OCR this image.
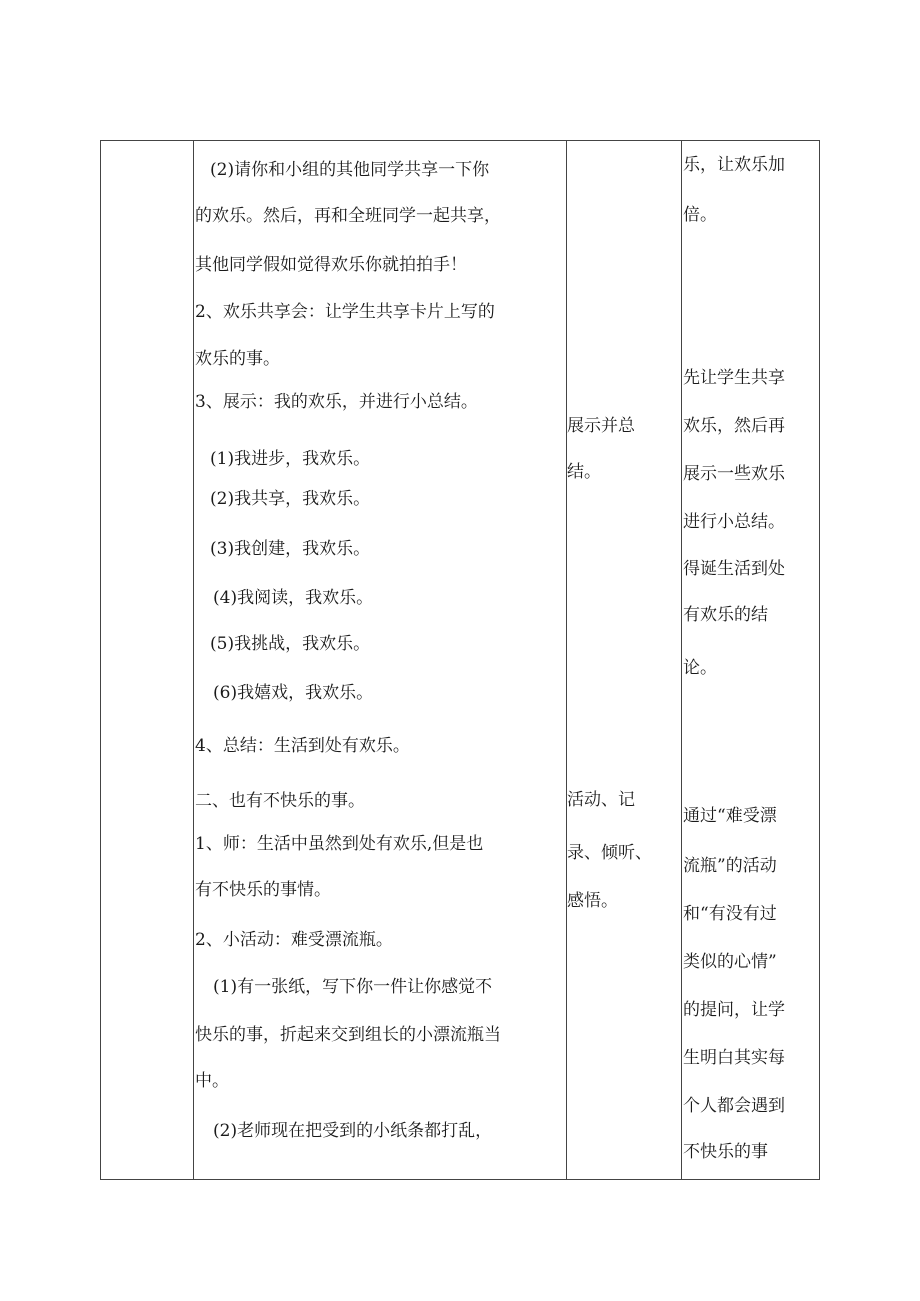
(2)请你和小组的其他同学共享一下你
的欢乐。然后，再和全班同学一起共享，
其他同学假如觉得欢乐你就拍拍手！
2、欢乐共享会：让学生共享卡片上写的
欢乐的事。
3、展示：我的欢乐，并进行小总结。
(1)我进步，我欢乐。
(2)我共享，我欢乐。
(3)我创建，我欢乐。
(4)我阅读，我欢乐。
(5)我挑战，我欢乐。
(6)我嬉戏，我欢乐。
4、总结：生活到处有欢乐。
二、也有不快乐的事。
1、师：生活中虽然到处有欢乐,但是也
有不快乐的事情。
2、小活动：难受漂流瓶。
(1)有一张纸，写下你一件让你感觉不
快乐的事，折起来交到组长的小漂流瓶当
中。
(2)老师现在把受到的小纸条都打乱，
展示并总
结。
活动、记
录、倾听、
感悟。
乐，让欢乐加
倍。
先让学生共享
欢乐，然后再
展示一些欢乐
进行小总结。
得诞生活到处
有欢乐的结
论。
通过“难受漂
流瓶”的活动
和“有没有过
类似的心情”
的提问，让学
生明白其实每
个人都会遇到
不快乐的事
